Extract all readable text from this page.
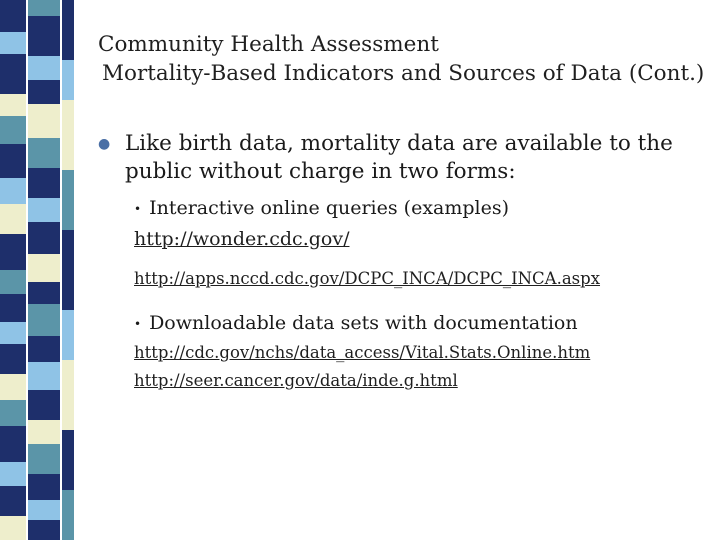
Community Health Assessment
Mortality-Based Indicators and Sources of Data (Cont.)
● Like birth data, mortality data are available to the public without charge in two forms:
• Interactive online queries (examples)
http://wonder.cdc.gov/
http://apps.nccd.cdc.gov/DCPC_INCA/DCPC_INCA.aspx
• Downloadable data sets with documentation
http://cdc.gov/nchs/data_access/Vital.Stats.Online.htm
http://seer.cancer.gov/data/inde.g.html
